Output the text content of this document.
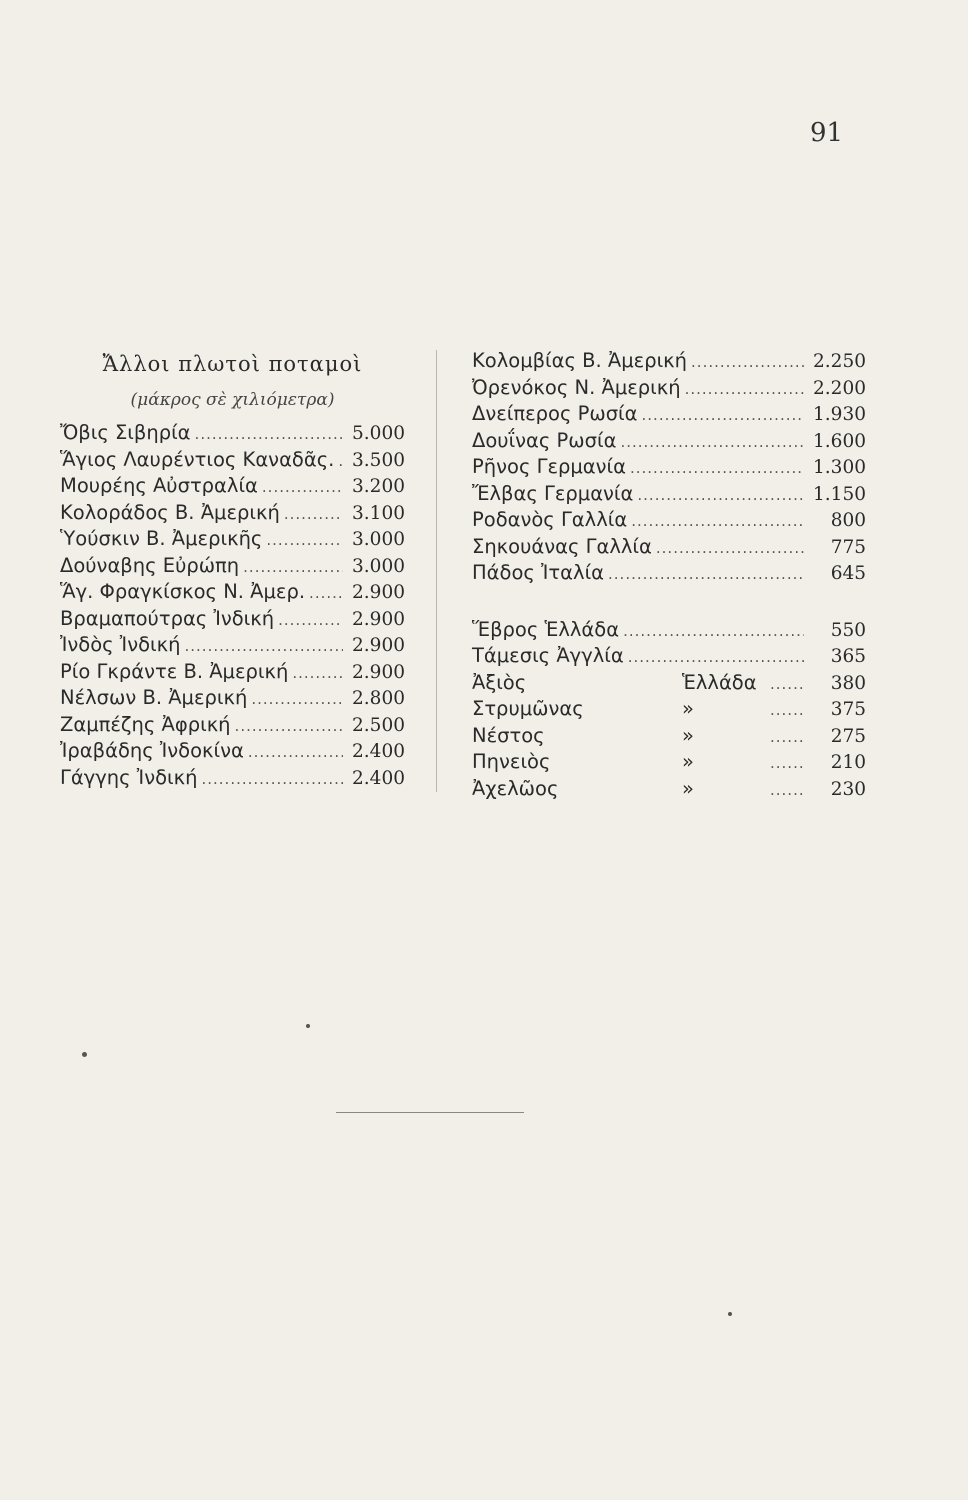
91
Ἄλλοι πλωτοὶ ποταμοὶ
(μάκρος σὲ χιλιόμετρα)
Ὄβις Σιβηρία .....	5.000
Ἅγιος Λαυρέντιος Καναδᾶς. ..... 3.500
Μουρέης Αὐστραλία .....	3.200
Κολοράδος Β. Ἀμερική .....	3.100
Ὑούσκιν Β. Ἀμερικῆς .....	3.000
Δούναβης Εὐρώπη .....	3.000
Ἅγ. Φραγκίσκος Ν. Ἀμερ. .....	2.900
Βραμαπούτρας Ἰνδική .....	2.900
Ἰνδὸς Ἰνδική .....	2.900
Ρίο Γκράντε Β. Ἀμερική .....	2.900
Νέλσων Β. Ἀμερική .....	2.800
Ζαμπέζης Ἀφρική .....	2.500
Ἰραβάδης Ἰνδοκίνα .....	2.400
Γάγγης Ἰνδική .....	2.400
Κολομβίας Β. Ἀμερική .....	2.250
Ὀρενόκος Ν. Ἀμερική .....	2.200
Δνείπερος Ρωσία .....	1.930
Δουΐνας Ρωσία .....	1.600
Ρῆνος Γερμανία .....	1.300
Ἔλβας Γερμανία .....	1.150
Ροδανὸς Γαλλία .....	800
Σηκουάνας Γαλλία .....	775
Πάδος Ἰταλία .....	645
Ἕβρος Ἑλλάδα .....	550
Τάμεσις Ἀγγλία .....	365
Ἀξιὸς	Ἑλλάδα .....	380
Στρυμῶνας	» .....	375
Νέστος	» .....	275
Πηνειὸς	» .....	210
Ἀχελῶος	» .....	230
